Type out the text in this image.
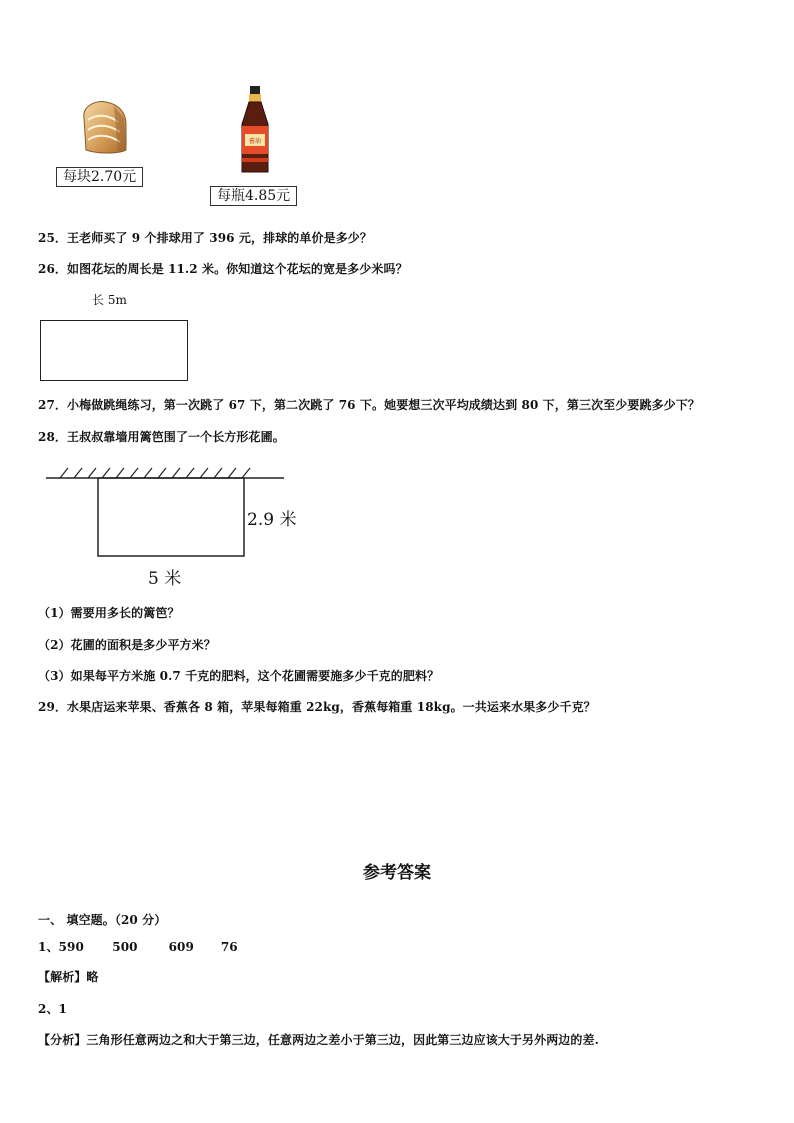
每块2.70元
酱油
每瓶4.85元
25．王老师买了 9 个排球用了 396 元，排球的单价是多少？
26．如图花坛的周长是 11.2 米。你知道这个花坛的宽是多少米吗？
长 5m
27．小梅做跳绳练习，第一次跳了 67 下，第二次跳了 76 下。她要想三次平均成绩达到 80 下，第三次至少要跳多少下？
28．王叔叔靠墙用篱笆围了一个长方形花圃。
2.9 米
5 米
（1）需要用多长的篱笆？
（2）花圃的面积是多少平方米？
（3）如果每平方米施 0.7 千克的肥料，这个花圃需要施多少千克的肥料？
29．水果店运来苹果、香蕉各 8 箱，苹果每箱重 22kg，香蕉每箱重 18kg。一共运来水果多少千克？
参考答案
一、 填空题。（20 分）
1、590 500	609 76
【解析】略
2、1
【分析】三角形任意两边之和大于第三边，任意两边之差小于第三边，因此第三边应该大于另外两边的差.
